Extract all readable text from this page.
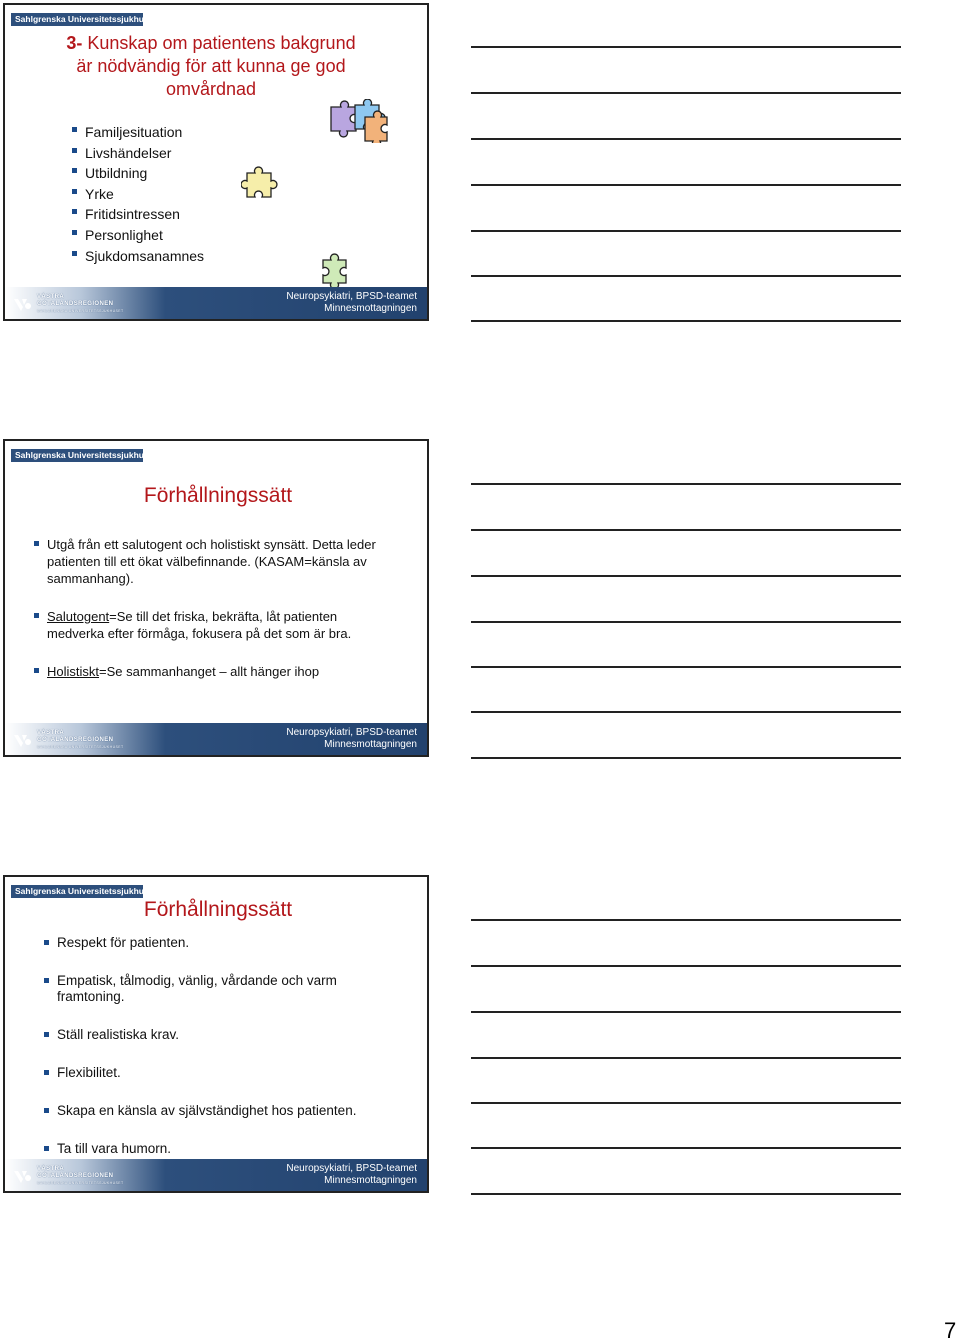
Sahlgrenska Universitetssjukhuset
3- Kunskap om patientens bakgrund är nödvändig för att kunna ge god omvårdnad
Familjesituation
Livshändelser
Utbildning
Yrke
Fritidsintressen
Personlighet
Sjukdomsanamnes
VÄSTRA
GÖTALANDSREGIONEN
SAHLGRENSKA UNIVERSITETSSJUKHUSET
Neuropsykiatri, BPSD-teamet
Minnesmottagningen
Sahlgrenska Universitetssjukhuset
Förhållningssätt
Utgå från ett salutogent och holistiskt synsätt. Detta leder patienten till ett ökat välbefinnande. (KASAM=känsla av sammanhang).
Salutogent=Se till det friska, bekräfta, låt patienten medverka efter förmåga, fokusera på det som är bra.
Holistiskt=Se sammanhanget – allt hänger ihop
VÄSTRA
GÖTALANDSREGIONEN
SAHLGRENSKA UNIVERSITETSSJUKHUSET
Neuropsykiatri, BPSD-teamet
Minnesmottagningen
Sahlgrenska Universitetssjukhuset
Förhållningssätt
Respekt för patienten.
Empatisk, tålmodig, vänlig, vårdande och varm framtoning.
Ställ realistiska krav.
Flexibilitet.
Skapa en känsla av självständighet hos patienten.
Ta till vara humorn.
VÄSTRA
GÖTALANDSREGIONEN
SAHLGRENSKA UNIVERSITETSSJUKHUSET
Neuropsykiatri, BPSD-teamet
Minnesmottagningen
7
